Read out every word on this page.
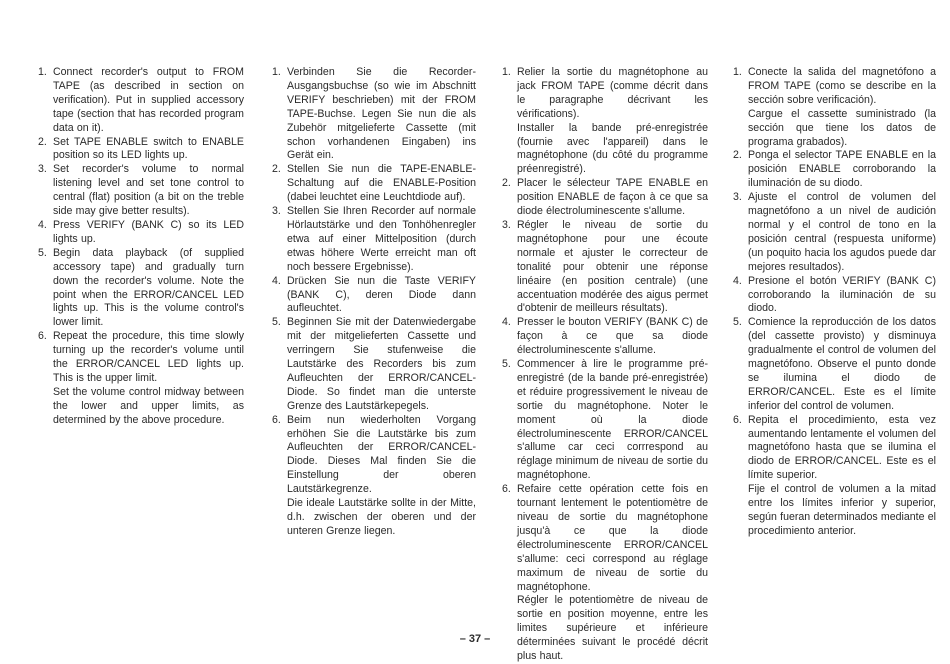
1. Connect recorder's output to FROM TAPE (as described in section on verification). Put in supplied accessory tape (section that has recorded program data on it).
2. Set TAPE ENABLE switch to ENABLE position so its LED lights up.
3. Set recorder's volume to normal listening level and set tone control to central (flat) position (a bit on the treble side may give better results).
4. Press VERIFY (BANK C) so its LED lights up.
5. Begin data playback (of supplied accessory tape) and gradually turn down the recorder's volume. Note the point when the ERROR/CANCEL LED lights up. This is the volume control's lower limit.
6. Repeat the procedure, this time slowly turning up the recorder's volume until the ERROR/CANCEL LED lights up. This is the upper limit.
Set the volume control midway between the lower and upper limits, as determined by the above procedure.
1. Verbinden Sie die Recorder-Ausgangsbuchse (so wie im Abschnitt VERIFY beschrieben) mit der FROM TAPE-Buchse. Legen Sie nun die als Zubehör mitgelieferte Cassette (mit schon vorhandenen Eingaben) ins Gerät ein.
2. Stellen Sie nun die TAPE-ENABLE-Schaltung auf die ENABLE-Position (dabei leuchtet eine Leuchtdiode auf).
3. Stellen Sie Ihren Recorder auf normale Hörlautstärke und den Tonhöhenregler etwa auf einer Mittelposition (durch etwas höhere Werte erreicht man oft noch bessere Ergebnisse).
4. Drücken Sie nun die Taste VERIFY (BANK C), deren Diode dann aufleuchtet.
5. Beginnen Sie mit der Datenwiedergabe mit der mitgelieferten Cassette und verringern Sie stufenweise die Lautstärke des Recorders bis zum Aufleuchten der ERROR/CANCEL-Diode. So findet man die unterste Grenze des Lautstärkepegels.
6. Beim nun wiederholten Vorgang erhöhen Sie die Lautstärke bis zum Aufleuchten der ERROR/CANCEL-Diode. Dieses Mal finden Sie die Einstellung der oberen Lautstärkegrenze.
Die ideale Lautstärke sollte in der Mitte, d.h. zwischen der oberen und der unteren Grenze liegen.
1. Relier la sortie du magnétophone au jack FROM TAPE (comme décrit dans le paragraphe décrivant les vérifications).
Installer la bande pré-enregistrée (fournie avec l'appareil) dans le magnétophone (du côté du programme préenregistré).
2. Placer le sélecteur TAPE ENABLE en position ENABLE de façon à ce que sa diode électroluminescente s'allume.
3. Régler le niveau de sortie du magnétophone pour une écoute normale et ajuster le correcteur de tonalité pour obtenir une réponse linéaire (en position centrale) (une accentuation modérée des aigus permet d'obtenir de meilleurs résultats).
4. Presser le bouton VERIFY (BANK C) de façon à ce que sa diode électroluminescente s'allume.
5. Commencer à lire le programme pré-enregistré (de la bande pré-enregistrée) et réduire progressivement le niveau de sortie du magnétophone. Noter le moment où la diode électroluminescente ERROR/CANCEL s'allume car ceci corrrespond au réglage minimum de niveau de sortie du magnétophone.
6. Refaire cette opération cette fois en tournant lentement le potentiomètre de niveau de sortie du magnétophone jusqu'à ce que la diode électroluminescente ERROR/CANCEL s'allume: ceci correspond au réglage maximum de niveau de sortie du magnétophone.
Régler le potentiomètre de niveau de sortie en position moyenne, entre les limites supérieure et inférieure déterminées suivant le procédé décrit plus haut.
1. Conecte la salida del magnetófono a FROM TAPE (como se describe en la sección sobre verificación).
Cargue el cassette suministrado (la sección que tiene los datos de programa grabados).
2. Ponga el selector TAPE ENABLE en la posición ENABLE corroborando la iluminación de su diodo.
3. Ajuste el control de volumen del magnetófono a un nivel de audición normal y el control de tono en la posición central (respuesta uniforme) (un poquito hacia los agudos puede dar mejores resultados).
4. Presione el botón VERIFY (BANK C) corroborando la iluminación de su diodo.
5. Comience la reproducción de los datos (del cassette provisto) y disminuya gradualmente el control de volumen del magnetófono. Observe el punto donde se ilumina el diodo de ERROR/CANCEL. Este es el límite inferior del control de volumen.
6. Repita el procedimiento, esta vez aumentando lentamente el volumen del magnetófono hasta que se ilumina el diodo de ERROR/CANCEL. Este es el límite superior.
Fije el control de volumen a la mitad entre los límites inferior y superior, según fueran determinados mediante el procedimiento anterior.
– 37 –
